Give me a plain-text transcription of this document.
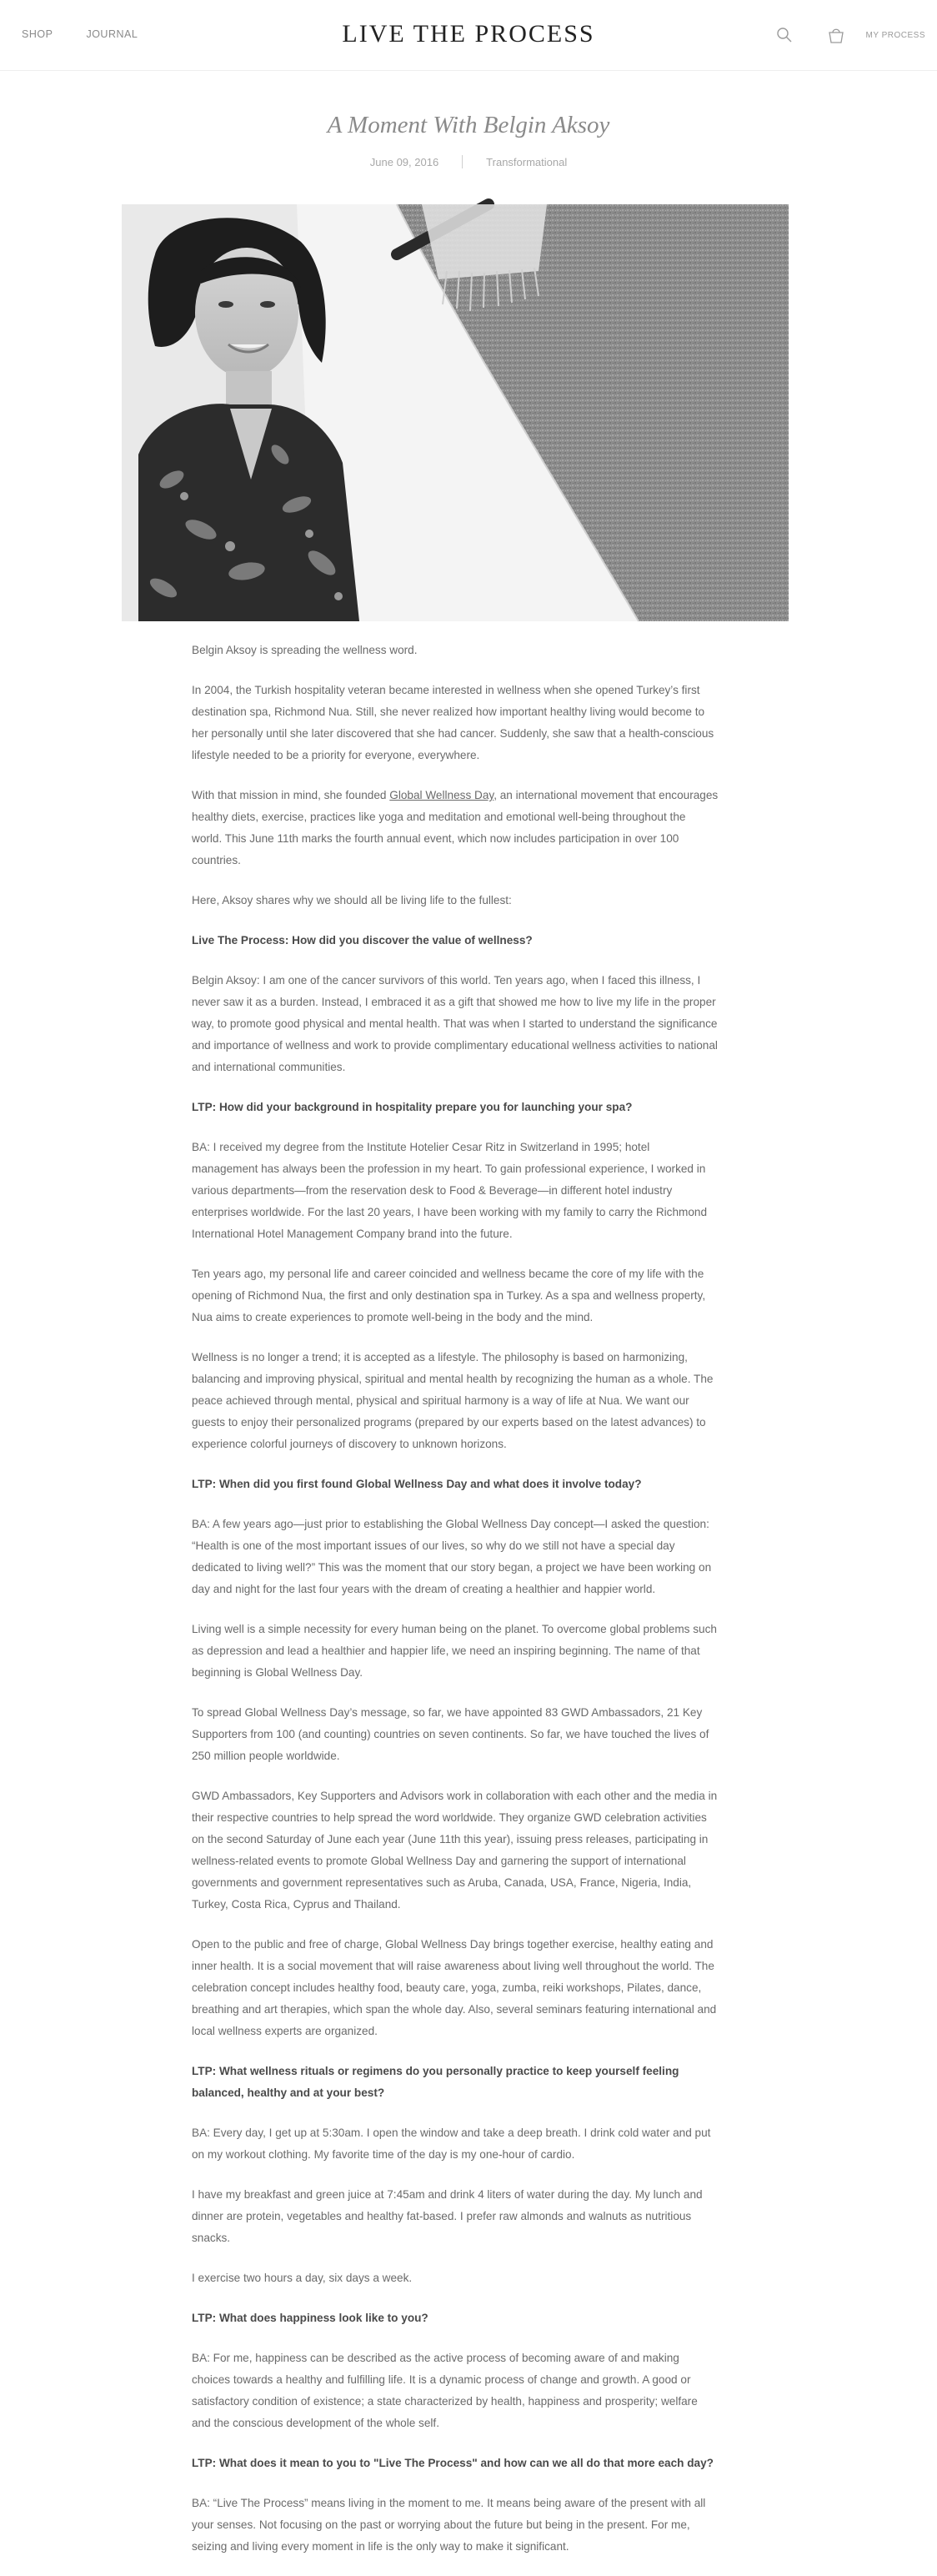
SHOP	JOURNAL	LIVE THE PROCESS	MY PROCESS
A Moment With Belgin Aksoy
June 09, 2016	Transformational

Belgin Aksoy is spreading the wellness word.

In 2004, the Turkish hospitality veteran became interested in wellness when she opened Turkey’s first destination spa, Richmond Nua. Still, she never realized how important healthy living would become to her personally until she later discovered that she had cancer. Suddenly, she saw that a health-conscious lifestyle needed to be a priority for everyone, everywhere.

With that mission in mind, she founded Global Wellness Day, an international movement that encourages healthy diets, exercise, practices like yoga and meditation and emotional well-being throughout the world. This June 11th marks the fourth annual event, which now includes participation in over 100 countries.

Here, Aksoy shares why we should all be living life to the fullest:

Live The Process: How did you discover the value of wellness?

Belgin Aksoy: I am one of the cancer survivors of this world. Ten years ago, when I faced this illness, I never saw it as a burden. Instead, I embraced it as a gift that showed me how to live my life in the proper way, to promote good physical and mental health. That was when I started to understand the significance and importance of wellness and work to provide complimentary educational wellness activities to national and international communities.

LTP: How did your background in hospitality prepare you for launching your spa?

BA: I received my degree from the Institute Hotelier Cesar Ritz in Switzerland in 1995; hotel management has always been the profession in my heart. To gain professional experience, I worked in various departments—from the reservation desk to Food & Beverage—in different hotel industry enterprises worldwide. For the last 20 years, I have been working with my family to carry the Richmond International Hotel Management Company brand into the future.

Ten years ago, my personal life and career coincided and wellness became the core of my life with the opening of Richmond Nua, the first and only destination spa in Turkey. As a spa and wellness property, Nua aims to create experiences to promote well-being in the body and the mind.

Wellness is no longer a trend; it is accepted as a lifestyle. The philosophy is based on harmonizing, balancing and improving physical, spiritual and mental health by recognizing the human as a whole. The peace achieved through mental, physical and spiritual harmony is a way of life at Nua. We want our guests to enjoy their personalized programs (prepared by our experts based on the latest advances) to experience colorful journeys of discovery to unknown horizons.

LTP: When did you first found Global Wellness Day and what does it involve today?

BA: A few years ago—just prior to establishing the Global Wellness Day concept—I asked the question: “Health is one of the most important issues of our lives, so why do we still not have a special day dedicated to living well?” This was the moment that our story began, a project we have been working on day and night for the last four years with the dream of creating a healthier and happier world.

Living well is a simple necessity for every human being on the planet. To overcome global problems such as depression and lead a healthier and happier life, we need an inspiring beginning. The name of that beginning is Global Wellness Day.

To spread Global Wellness Day’s message, so far, we have appointed 83 GWD Ambassadors, 21 Key Supporters from 100 (and counting) countries on seven continents. So far, we have touched the lives of 250 million people worldwide.

GWD Ambassadors, Key Supporters and Advisors work in collaboration with each other and the media in their respective countries to help spread the word worldwide. They organize GWD celebration activities on the second Saturday of June each year (June 11th this year), issuing press releases, participating in wellness-related events to promote Global Wellness Day and garnering the support of international governments and government representatives such as Aruba, Canada, USA, France, Nigeria, India, Turkey, Costa Rica, Cyprus and Thailand.

Open to the public and free of charge, Global Wellness Day brings together exercise, healthy eating and inner health. It is a social movement that will raise awareness about living well throughout the world. The celebration concept includes healthy food, beauty care, yoga, zumba, reiki workshops, Pilates, dance, breathing and art therapies, which span the whole day. Also, several seminars featuring international and local wellness experts are organized.

LTP: What wellness rituals or regimens do you personally practice to keep yourself feeling balanced, healthy and at your best?

BA: Every day, I get up at 5:30am. I open the window and take a deep breath. I drink cold water and put on my workout clothing. My favorite time of the day is my one-hour of cardio.

I have my breakfast and green juice at 7:45am and drink 4 liters of water during the day. My lunch and dinner are protein, vegetables and healthy fat-based. I prefer raw almonds and walnuts as nutritious snacks.

I exercise two hours a day, six days a week.

LTP: What does happiness look like to you?

BA: For me, happiness can be described as the active process of becoming aware of and making choices towards a healthy and fulfilling life. It is a dynamic process of change and growth. A good or satisfactory condition of existence; a state characterized by health, happiness and prosperity; welfare and the conscious development of the whole self.

LTP: What does it mean to you to "Live The Process" and how can we all do that more each day?

BA: “Live The Process” means living in the moment to me. It means being aware of the present with all your senses. Not focusing on the past or worrying about the future but being in the present. For me, seizing and living every moment in life is the only way to make it significant.
